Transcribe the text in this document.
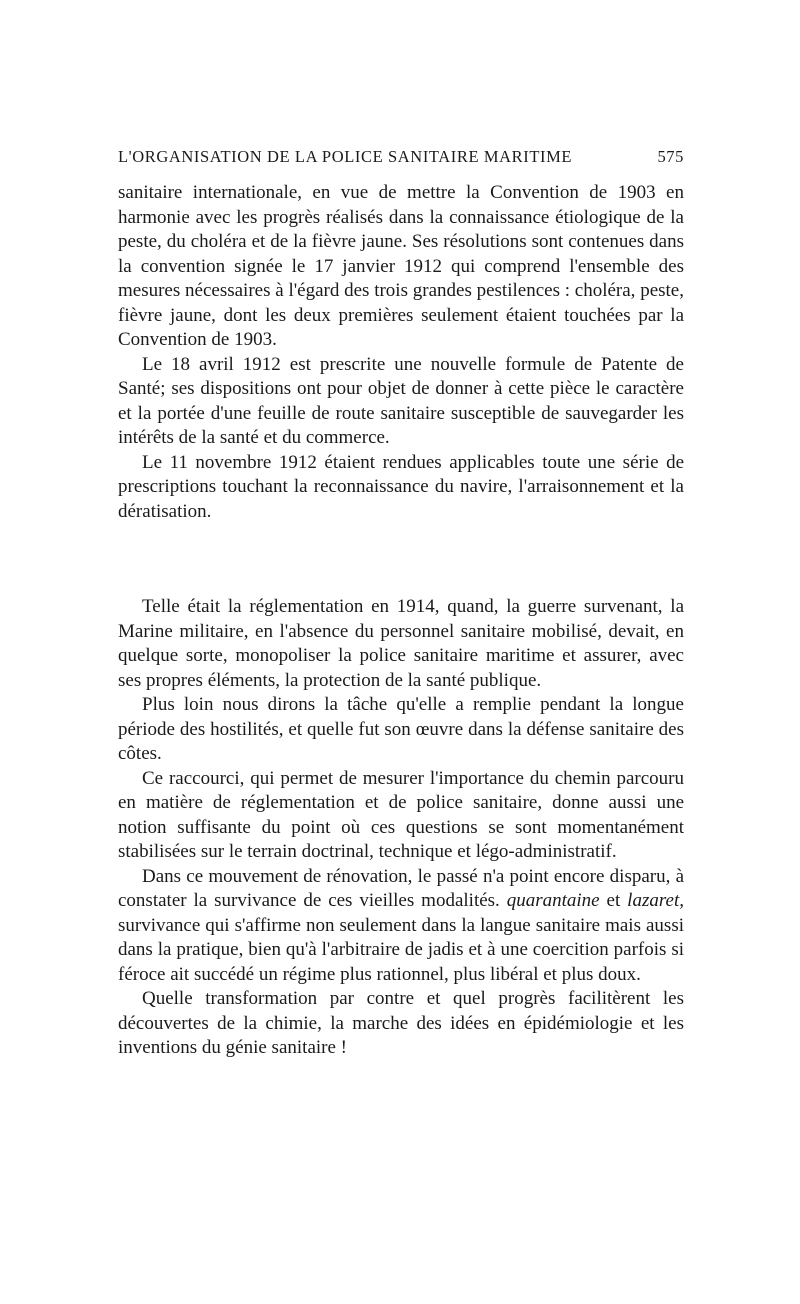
L'ORGANISATION DE LA POLICE SANITAIRE MARITIME	575

sanitaire internationale, en vue de mettre la Convention de 1903 en harmonie avec les progrès réalisés dans la connaissance étiologique de la peste, du choléra et de la fièvre jaune. Ses résolutions sont contenues dans la convention signée le 17 janvier 1912 qui comprend l'ensemble des mesures nécessaires à l'égard des trois grandes pestilences : choléra, peste, fièvre jaune, dont les deux premières seulement étaient touchées par la Convention de 1903.

Le 18 avril 1912 est prescrite une nouvelle formule de Patente de Santé; ses dispositions ont pour objet de donner à cette pièce le caractère et la portée d'une feuille de route sanitaire susceptible de sauvegarder les intérêts de la santé et du commerce.

Le 11 novembre 1912 étaient rendues applicables toute une série de prescriptions touchant la reconnaissance du navire, l'arraisonnement et la dératisation.

Telle était la réglementation en 1914, quand, la guerre survenant, la Marine militaire, en l'absence du personnel sanitaire mobilisé, devait, en quelque sorte, monopoliser la police sanitaire maritime et assurer, avec ses propres éléments, la protection de la santé publique.

Plus loin nous dirons la tâche qu'elle a remplie pendant la longue période des hostilités, et quelle fut son œuvre dans la défense sanitaire des côtes.

Ce raccourci, qui permet de mesurer l'importance du chemin parcouru en matière de réglementation et de police sanitaire, donne aussi une notion suffisante du point où ces questions se sont momentanément stabilisées sur le terrain doctrinal, technique et légo-administratif.

Dans ce mouvement de rénovation, le passé n'a point encore disparu, à constater la survivance de ces vieilles modalités. quarantaine et lazaret, survivance qui s'affirme non seulement dans la langue sanitaire mais aussi dans la pratique, bien qu'à l'arbitraire de jadis et à une coercition parfois si féroce ait succédé un régime plus rationnel, plus libéral et plus doux.

Quelle transformation par contre et quel progrès facilitèrent les découvertes de la chimie, la marche des idées en épidémiologie et les inventions du génie sanitaire !
